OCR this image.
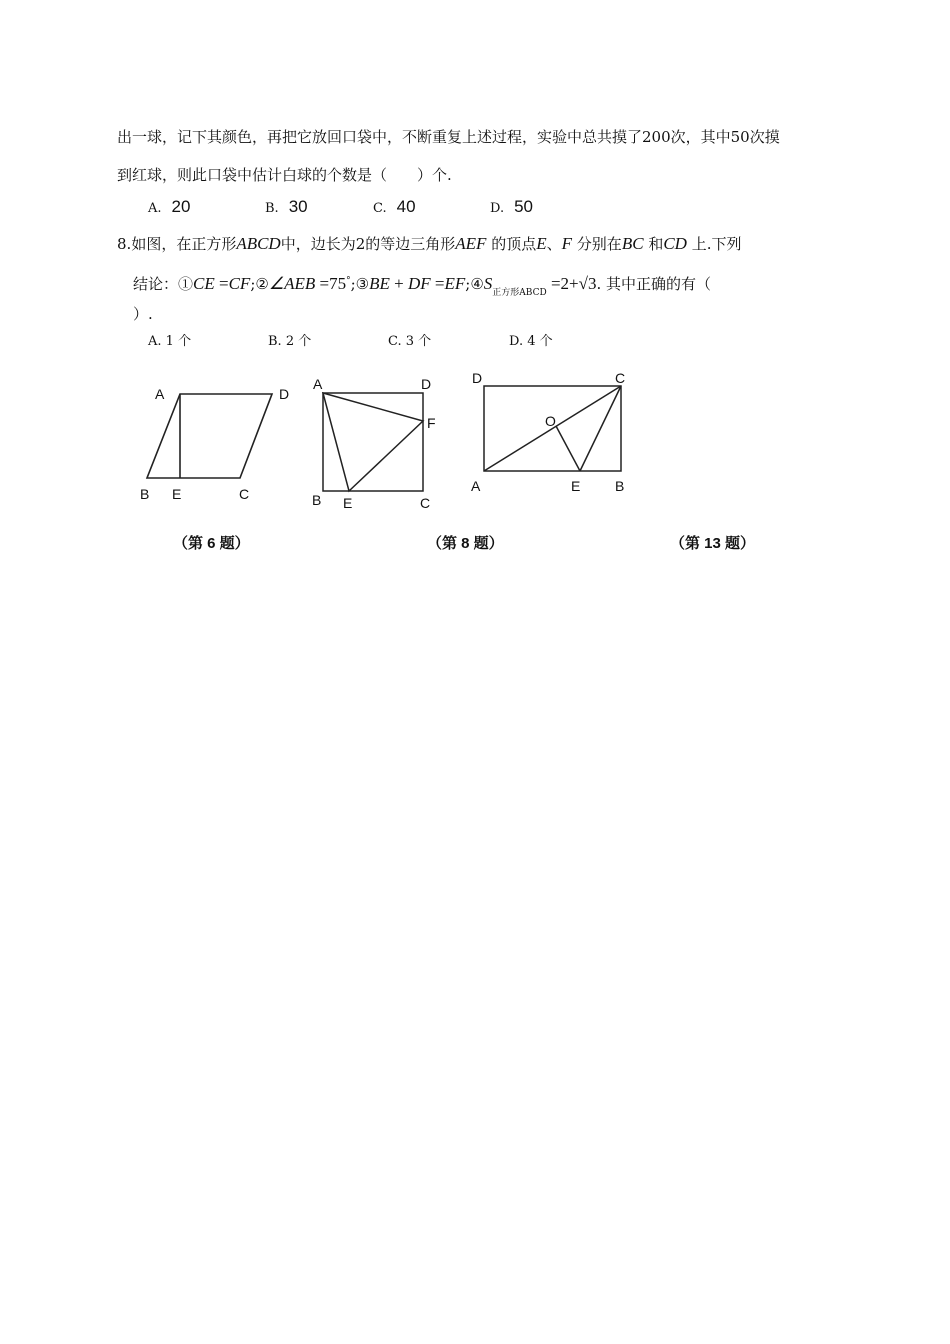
出一球，记下其颜色，再把它放回口袋中，不断重复上述过程，实验中总共摸了200次，其中50次摸
到红球，则此口袋中估计白球的个数是（　　）个.
A. 20	B. 30	C. 40	D. 50
8.如图，在正方形ABCD中，边长为2的等边三角形AEF 的顶点E、F 分别在BC 和CD 上.下列
结论：①CE =CF;②∠AEB =75°;③BE + DF $=EF;④S_{正方形ABCD} =2+√3$. 其中正确的有（
）.
A. 1 个	B. 2 个	C. 3 个	D. 4 个
A	D
B E	C
A	D
F
B E	C
D	C
O
A	E B
（第 6 题）	（第 8 题）	（第 13 题）
